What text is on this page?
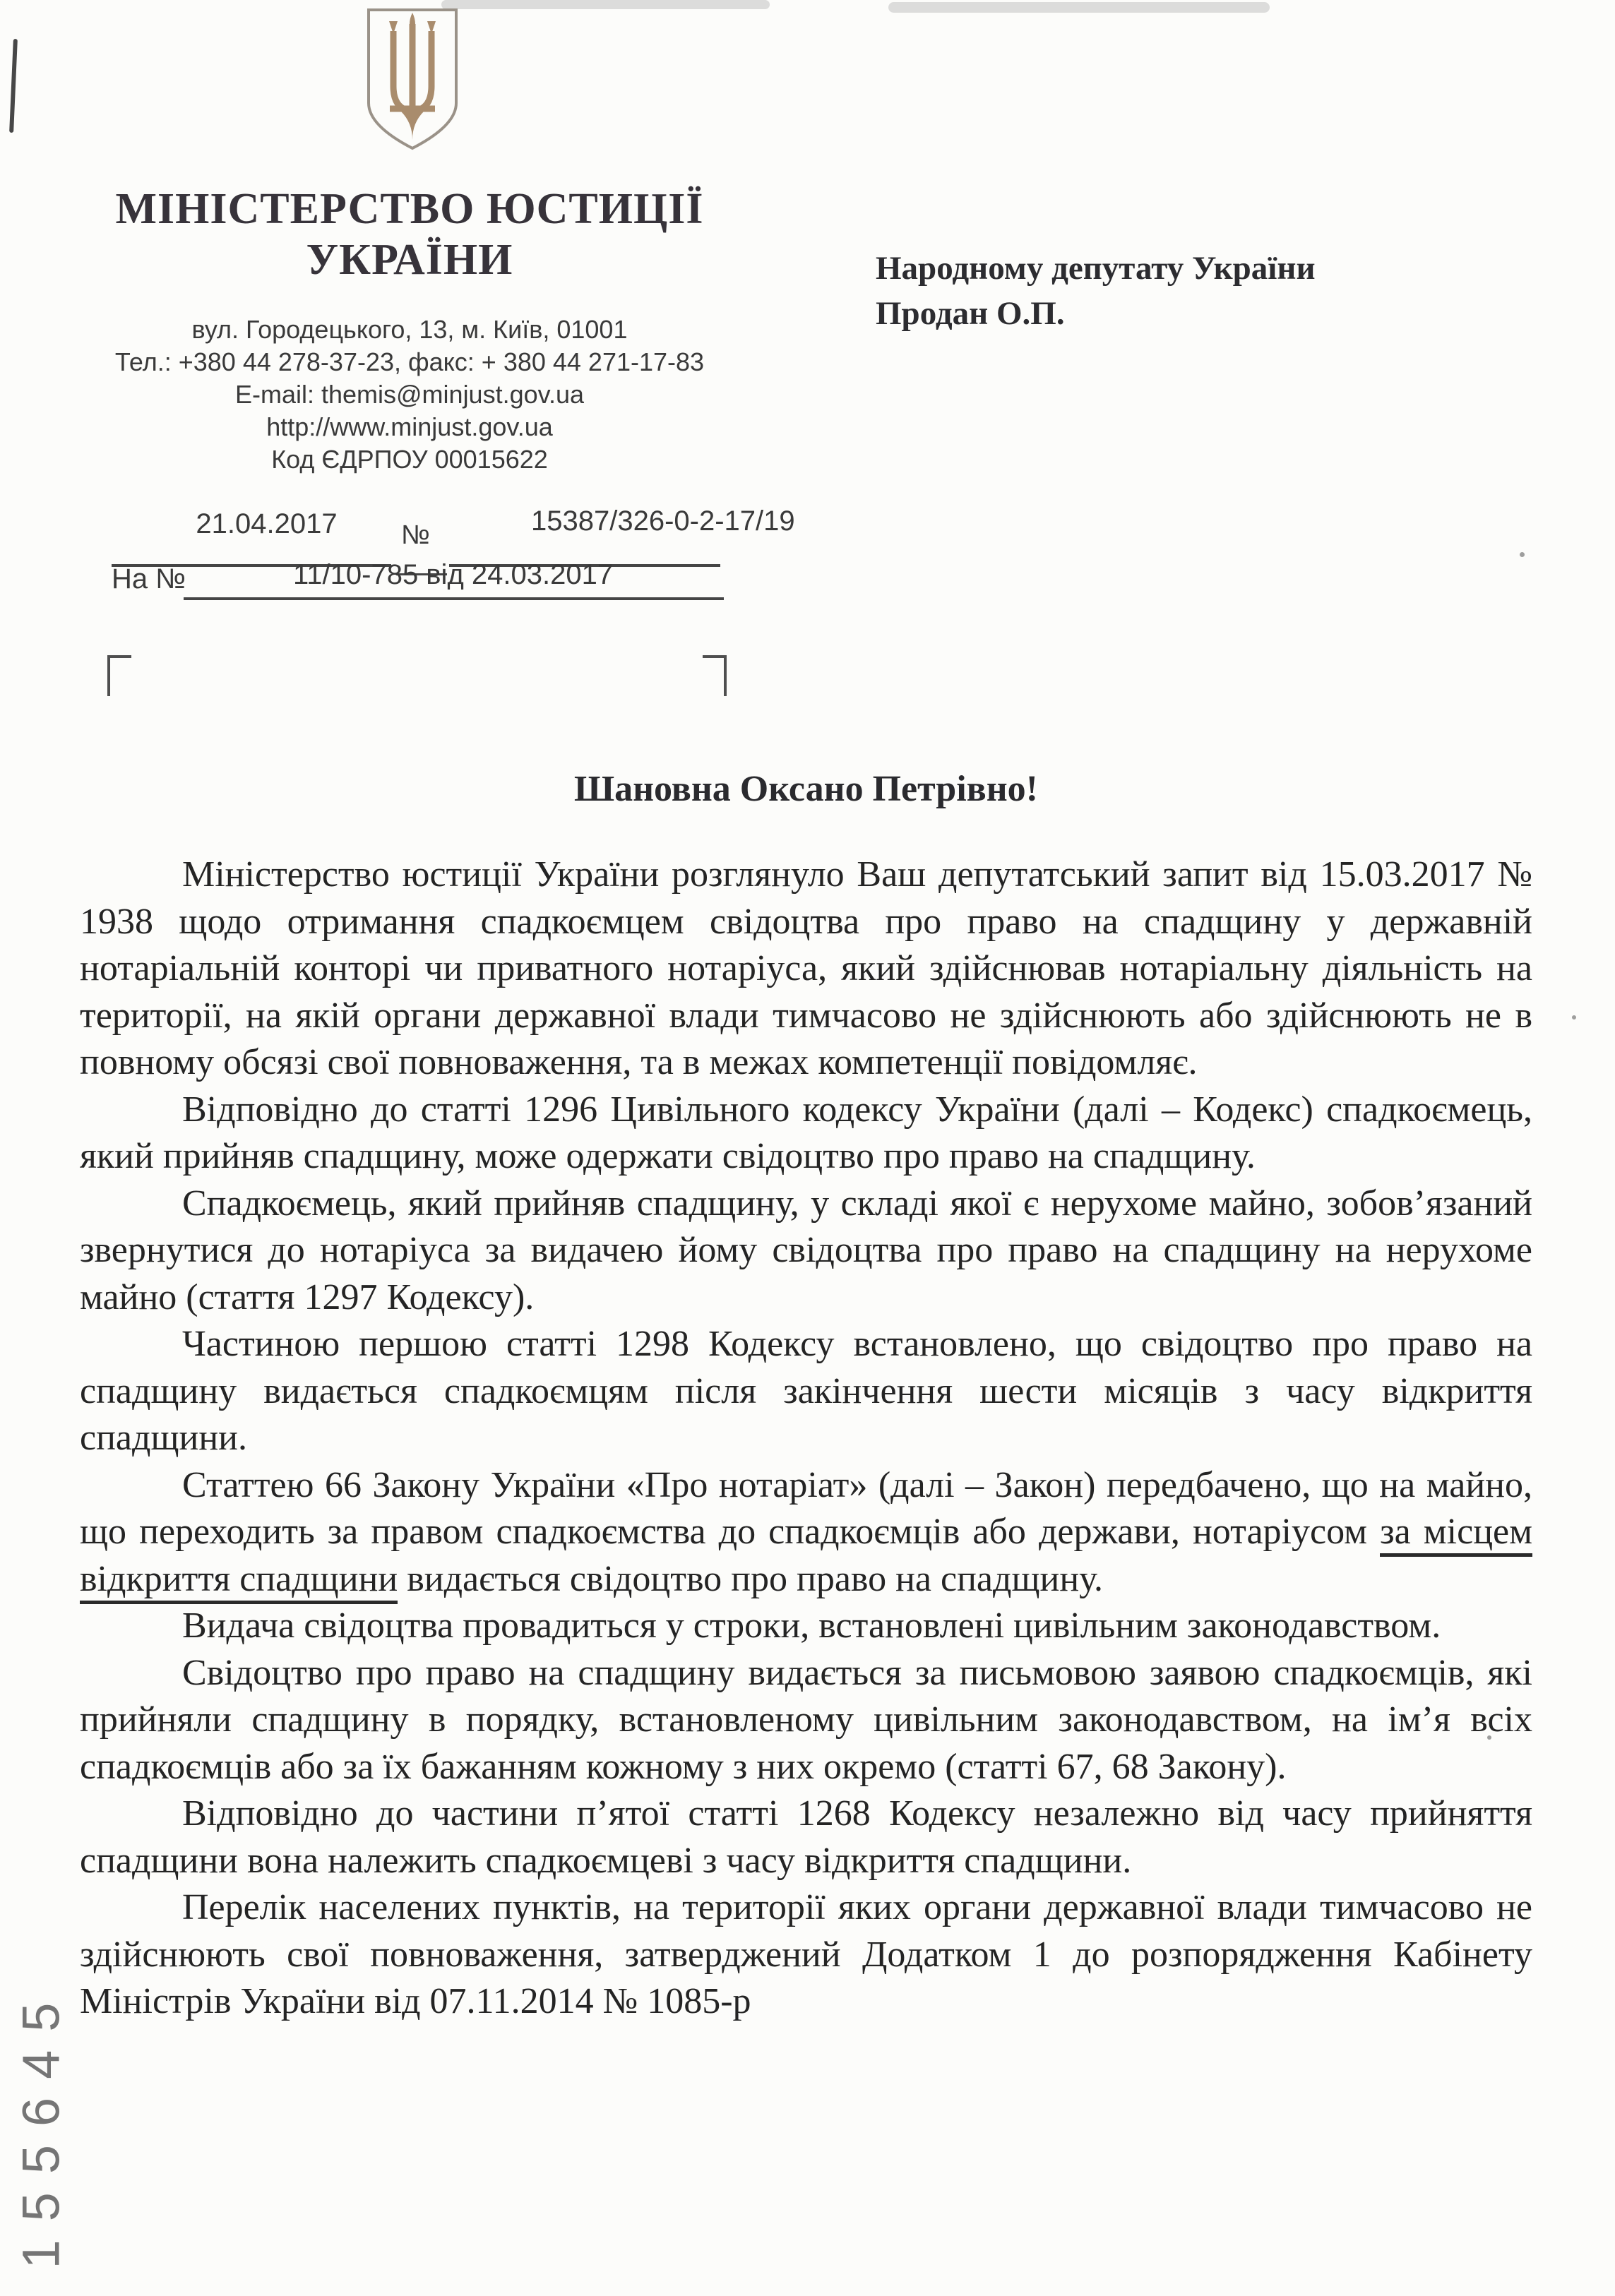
МІНІСТЕРСТВО ЮСТИЦІЇ
УКРАЇНИ
вул. Городецького, 13, м. Київ, 01001
Тел.: +380 44 278-37-23, факс: + 380 44 271-17-83
E-mail: themis@minjust.gov.ua
http://www.minjust.gov.ua
Код ЄДРПОУ 00015622
Народному депутату України
Продан О.П.
21.04.2017	№	15387/326-0-2-17/19
На №	11/10-785 від 24.03.2017
155645
Шановна Оксано Петрівно!

Міністерство юстиції України розглянуло Ваш депутатський запит від 15.03.2017 № 1938 щодо отримання спадкоємцем свідоцтва про право на спадщину у державній нотаріальній конторі чи приватного нотаріуса, який здійснював нотаріальну діяльність на території, на якій органи державної влади тимчасово не здійснюють або здійснюють не в повному обсязі свої повноваження, та в межах компетенції повідомляє.

Відповідно до статті 1296 Цивільного кодексу України (далі – Кодекс) спадкоємець, який прийняв спадщину, може одержати свідоцтво про право на спадщину.

Спадкоємець, який прийняв спадщину, у складі якої є нерухоме майно, зобов’язаний звернутися до нотаріуса за видачею йому свідоцтва про право на спадщину на нерухоме майно (стаття 1297 Кодексу).

Частиною першою статті 1298 Кодексу встановлено, що свідоцтво про право на спадщину видається спадкоємцям після закінчення шести місяців з часу відкриття спадщини.

Статтею 66 Закону України «Про нотаріат» (далі – Закон) передбачено, що на майно, що переходить за правом спадкоємства до спадкоємців або держави, нотаріусом за місцем відкриття спадщини видається свідоцтво про право на спадщину.

Видача свідоцтва провадиться у строки, встановлені цивільним законодавством.

Свідоцтво про право на спадщину видається за письмовою заявою спадкоємців, які прийняли спадщину в порядку, встановленому цивільним законодавством, на ім’я всіх спадкоємців або за їх бажанням кожному з них окремо (статті 67, 68 Закону).

Відповідно до частини п’ятої статті 1268 Кодексу незалежно від часу прийняття спадщини вона належить спадкоємцеві з часу відкриття спадщини.

Перелік населених пунктів, на території яких органи державної влади тимчасово не здійснюють свої повноваження, затверджений Додатком 1 до розпорядження Кабінету Міністрів України від 07.11.2014 № 1085-р
